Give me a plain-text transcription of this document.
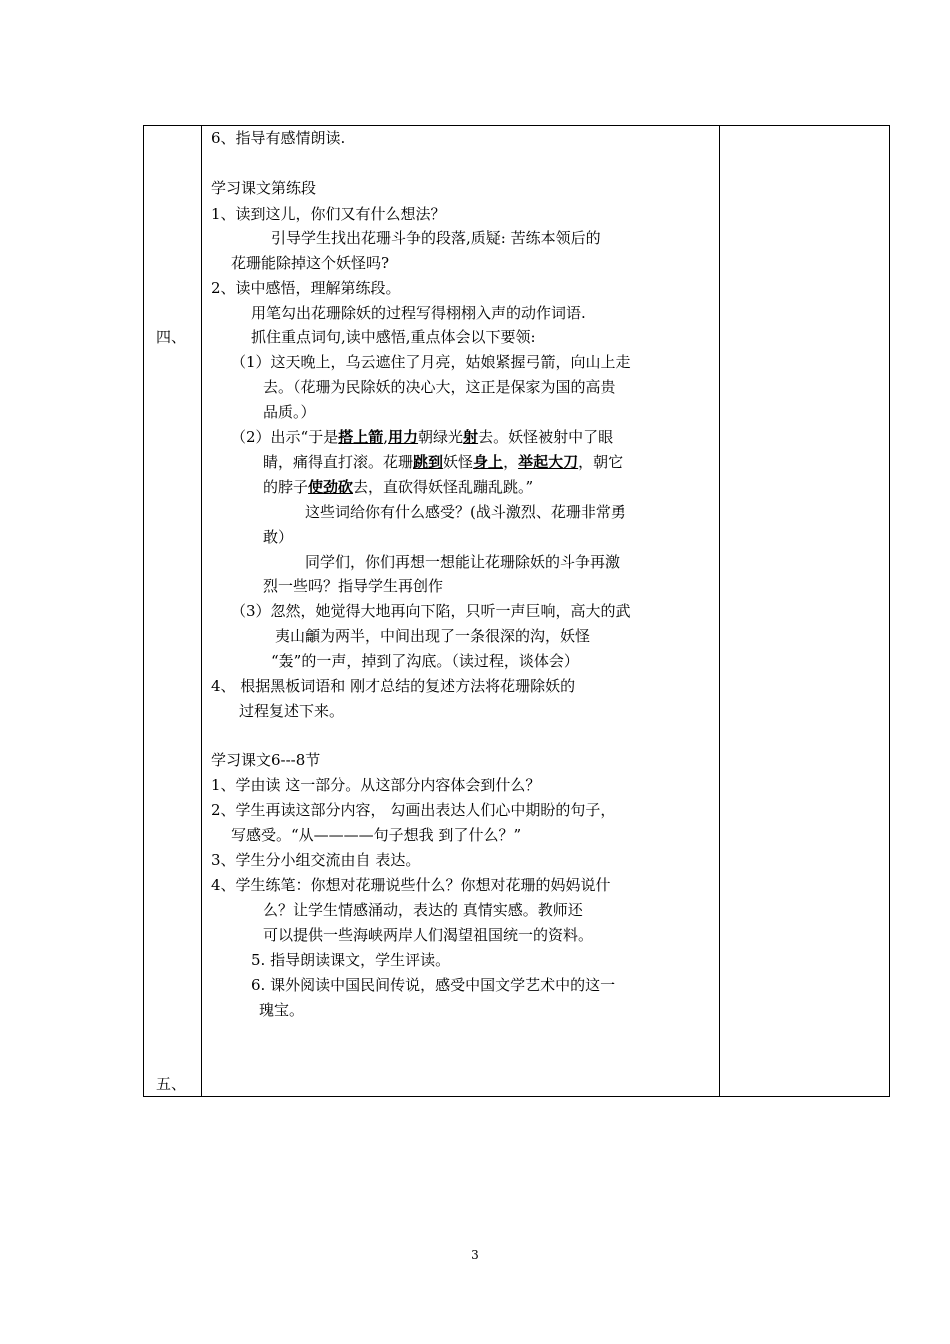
四、
五、
6、指导有感情朗读.
学习课文第练段
1、读到这儿，你们又有什么想法？
引导学生找出花珊斗争的段落,质疑: 苦练本领后的
花珊能除掉这个妖怪吗?
2、读中感悟，理解第练段。
用笔勾出花珊除妖的过程写得栩栩入声的动作词语.
抓住重点词句,读中感悟,重点体会以下要领:
（1）这天晚上，乌云遮住了月亮，姑娘紧握弓箭，向山上走
去。（花珊为民除妖的决心大，这正是保家为国的高贵
品质。）
（2）出示“于是搭上箭,用力朝绿光射去。妖怪被射中了眼
睛，痛得直打滚。花珊跳到妖怪身上，举起大刀，朝它
的脖子使劲砍去，直砍得妖怪乱蹦乱跳。”
这些词给你有什么感受？(战斗激烈、花珊非常勇
敢）
同学们，你们再想一想能让花珊除妖的斗争再激
烈一些吗？指导学生再创作
（3）忽然，她觉得大地再向下陷，只听一声巨响，高大的武
夷山龥为两半，中间出现了一条很深的沟，妖怪
“轰”的一声，掉到了沟底。（读过程，谈体会）
4、 根据黑板词语和 刚才总结的复述方法将花珊除妖的
过程复述下来。
学习课文6---8节
1、学由读 这一部分。从这部分内容体会到什么？
2、学生再读这部分内容， 勾画出表达人们心中期盼的句子，
写感受。“从————句子想我 到了什么？”
3、学生分小组交流由自 表达。
4、学生练笔：你想对花珊说些什么？你想对花珊的妈妈说什
么？让学生情感涌动，表达的 真情实感。教师还
可以提供一些海峡两岸人们渴望祖国统一的资料。
5. 指导朗读课文，学生评读。
6. 课外阅读中国民间传说，感受中国文学艺术中的这一
瑰宝。
3
